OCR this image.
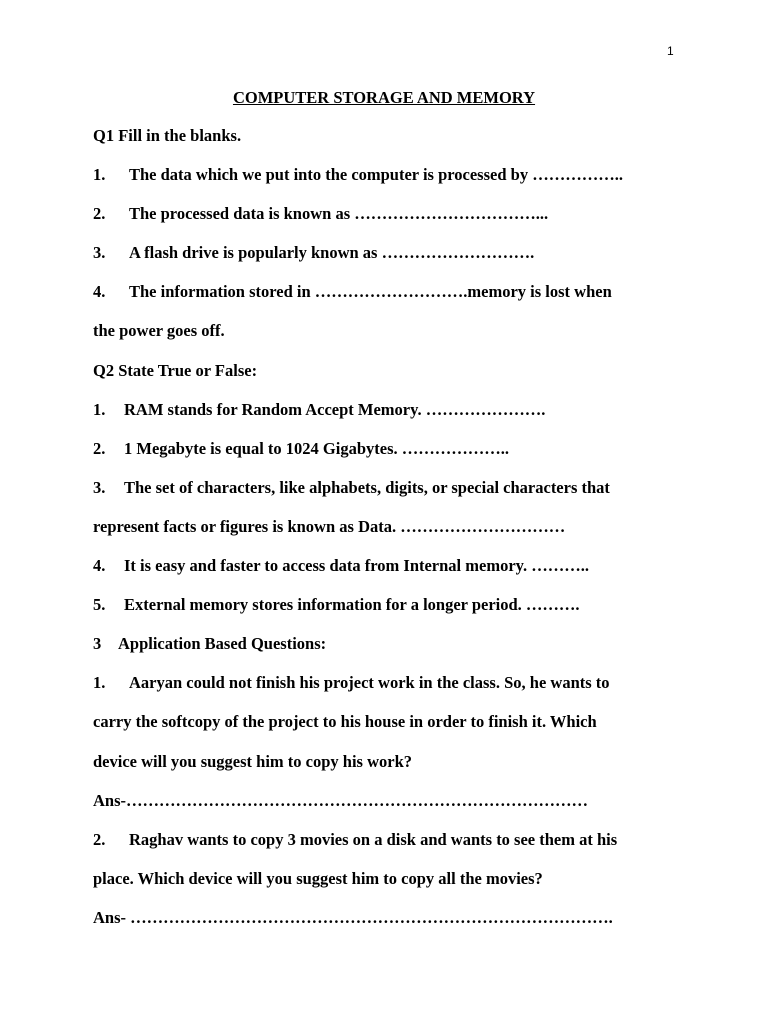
1
COMPUTER STORAGE AND MEMORY
Q1 Fill in the blanks.
1. The data which we put into the computer is processed by ……………..
2. The processed data is known as ……………………………...
3. A flash drive is popularly known as ……………………….
4. The information stored in ……………………….memory is lost when
the power goes off.
Q2 State True or False:
1. RAM stands for Random Accept Memory. ………………….
2. 1 Megabyte is equal to 1024 Gigabytes. ………………..
3. The set of characters, like alphabets, digits, or special characters that
represent facts or figures is known as Data. …………………………
4. It is easy and faster to access data from Internal memory. ………..
5. External memory stores information for a longer period. ……….
3 Application Based Questions:
1. Aaryan could not finish his project work in the class. So, he wants to
carry the softcopy of the project to his house in order to finish it. Which
device will you suggest him to copy his work?
Ans-…………………………………………………………………………
2. Raghav wants to copy 3 movies on a disk and wants to see them at his
place. Which device will you suggest him to copy all the movies?
Ans- …………………………………………………………………………….
